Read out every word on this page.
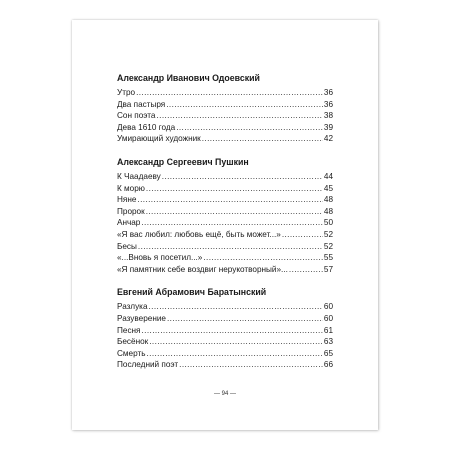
Александр Иванович Одоевский
Утро .....	36
Два пастыря .....	36
Сон поэта .....	38
Дева 1610 года .....	39
Умирающий художник .....	42
Александр Сергеевич Пушкин
К Чаадаеву .....	44
К морю .....	45
Няне .....	48
Пророк .....	48
Анчар .....	50
«Я вас любил: любовь ещё, быть может...» .....	52
Бесы .....	52
«...Вновь я посетил...» .....	55
«Я памятник себе воздвиг нерукотворный»... .....	57
Евгений Абрамович Баратынский
Разлука .....	60
Разуверение .....	60
Песня .....	61
Бесёнок .....	63
Смерть .....	65
Последний поэт .....	66
— 94 —
